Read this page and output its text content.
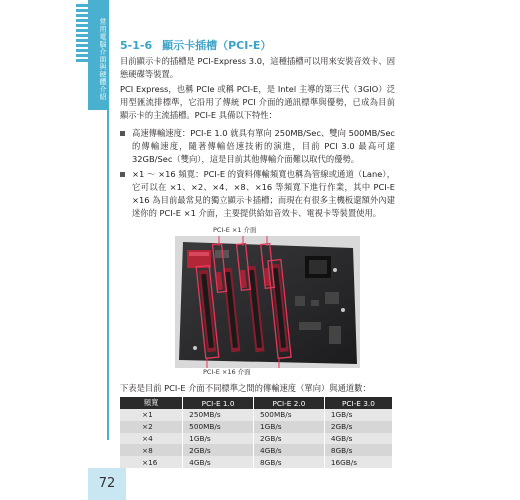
常用電腦介面與硬體介紹 5-1-6 顯示卡插槽（PCI-E）

目前顯示卡的插槽是 PCI-Express 3.0，這種插槽可以用來安裝音效卡、固態硬碟等裝置。

PCI Express，也稱 PCIe 或稱 PCI-E，是 Intel 主導的第三代（3GIO）泛用型匯流排標準，它沿用了傳統 PCI 介面的通訊標準與優勢，已成為目前顯示卡的主流插槽。PCI-E 具備以下特性：

高速傳輸速度：PCI-E 1.0 就具有單向 250MB/Sec、雙向 500MB/Sec 的傳輸速度，隨著傳輸倍速技術的演進，目前 PCI 3.0 最高可達 32GB/Sec（雙向），這是目前其他傳輸介面難以取代的優勢。
×1 ～ ×16 頻寬：PCI-E 的資料傳輸頻寬也稱為管線或通道（Lane），它可以在 ×1、×2、×4、×8、×16 等頻寬下進行作業，其中 PCI-E ×16 為目前最常見的獨立顯示卡插槽；而現在有很多主機板還額外內建迷你的 PCI-E ×1 介面，主要提供給如音效卡、電視卡等裝置使用。
PCI-E ×1 介面
PCI-E ×16 介面
下表是目前 PCI-E 介面不同標準之間的傳輸速度（單向）與通道數：
頻寬	PCI-E 1.0	PCI-E 2.0	PCI-E 3.0
×1	250MB/s	500MB/s	1GB/s
×2	500MB/s	1GB/s	2GB/s
×4	1GB/s	2GB/s	4GB/s
×8	2GB/s	4GB/s	8GB/s
×16	4GB/s	8GB/s	16GB/s
72
